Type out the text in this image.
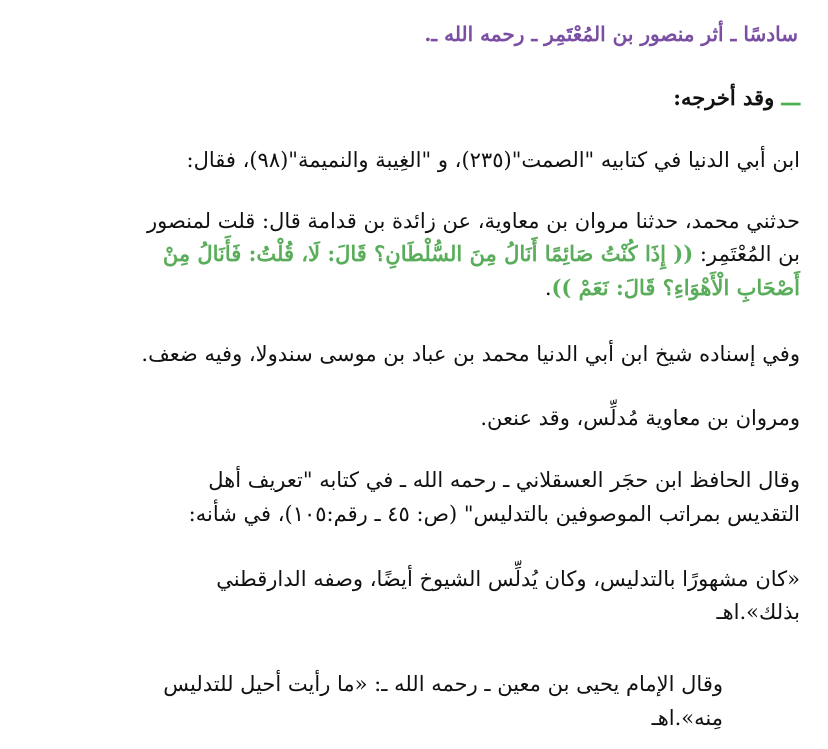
سادسًا ـ أثر منصور بن المُعْتَمِر ـ رحمه الله ـ.
ـــ وقد أخرجه:
ابن أبي الدنيا في كتابيه "الصمت"(٢٣٥)، و "الغِيبة والنميمة"(٩٨)، فقال:
حدثني محمد، حدثنا مروان بن معاوية، عن زائدة بن قدامة قال: قلت لمنصور
بن المُعْتَمِر: (( إِذَا كُنْتُ صَائِمًا أَنَالُ مِنَ السُّلْطَانِ؟ قَالَ: لَا، قُلْتُ: فَأَنَالُ مِنْ
أَصْحَابِ الْأَهْوَاءِ؟ قَالَ: نَعَمْ )).
وفي إسناده شيخ ابن أبي الدنيا محمد بن عباد بن موسى سندولا، وفيه ضعف.
ومروان بن معاوية مُدلِّس، وقد عنعن.
وقال الحافظ ابن حجَر العسقلاني ـ رحمه الله ـ في كتابه "تعريف أهل
التقديس بمراتب الموصوفين بالتدليس" (ص: ٤٥ ـ رقم:١٠٥)، في شأنه:
«كان مشهورًا بالتدليس، وكان يُدلِّس الشيوخ أيضًا، وصفه الدارقطني
بذلك».اهـ
وقال الإمام يحيى بن معين ـ رحمه الله ـ: «ما رأيت أحيل للتدليس
مِنه».اهـ
